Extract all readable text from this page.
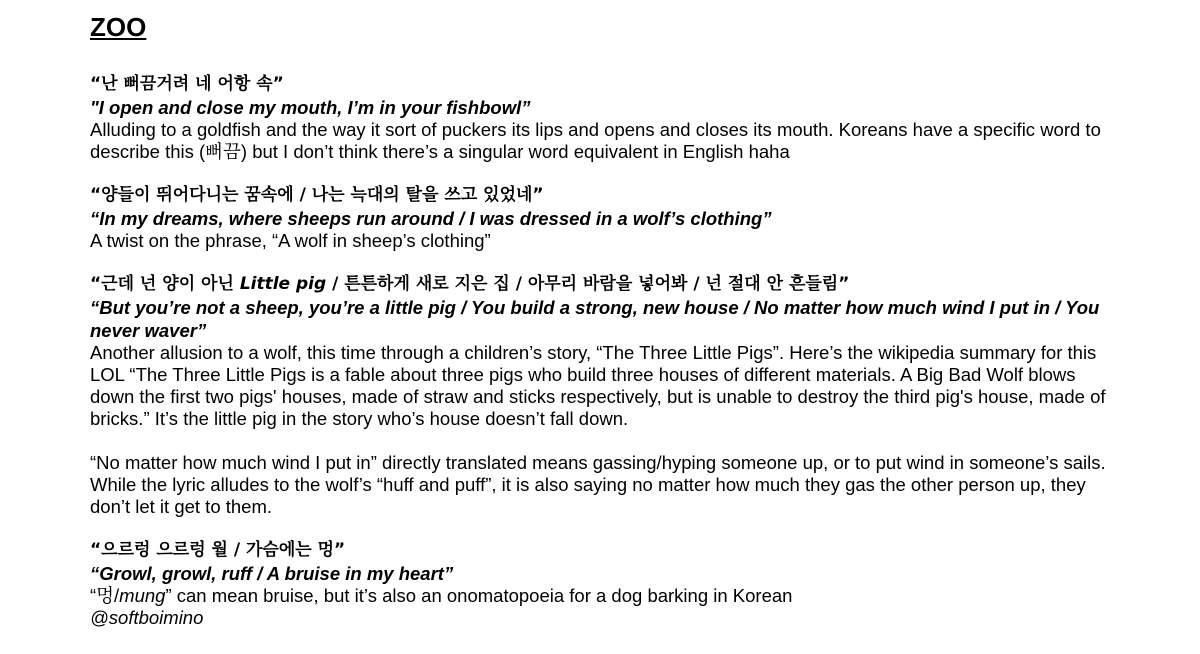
ZOO
“난 뻐끔거려 네 어항 속”
"I open and close my mouth, I’m in your fishbowl”
Alluding to a goldfish and the way it sort of puckers its lips and opens and closes its mouth. Koreans have a specific word to describe this (뻐끔) but I don’t think there’s a singular word equivalent in English haha
“양들이 뛰어다니는 꿈속에 / 나는 늑대의 탈을 쓰고 있었네”
“In my dreams, where sheeps run around / I was dressed in a wolf’s clothing”
A twist on the phrase, “A wolf in sheep’s clothing”
“근데 넌 양이 아닌 Little pig / 튼튼하게 새로 지은 집 / 아무리 바람을 넣어봐 / 넌 절대 안 흔들림”
“But you’re not a sheep, you’re a little pig / You build a strong, new house / No matter how much wind I put in / You never waver”
Another allusion to a wolf, this time through a children’s story, “The Three Little Pigs”. Here’s the wikipedia summary for this LOL “The Three Little Pigs is a fable about three pigs who build three houses of different materials. A Big Bad Wolf blows down the first two pigs' houses, made of straw and sticks respectively, but is unable to destroy the third pig's house, made of bricks.” It’s the little pig in the story who’s house doesn’t fall down.
“No matter how much wind I put in” directly translated means gassing/hyping someone up, or to put wind in someone’s sails. While the lyric alludes to the wolf’s “huff and puff”, it is also saying no matter how much they gas the other person up, they don’t let it get to them.
“으르렁 으르렁 월 / 가슴에는 멍”
“Growl, growl, ruff / A bruise in my heart”
“멍/mung” can mean bruise, but it’s also an onomatopoeia for a dog barking in Korean
@softboimino
